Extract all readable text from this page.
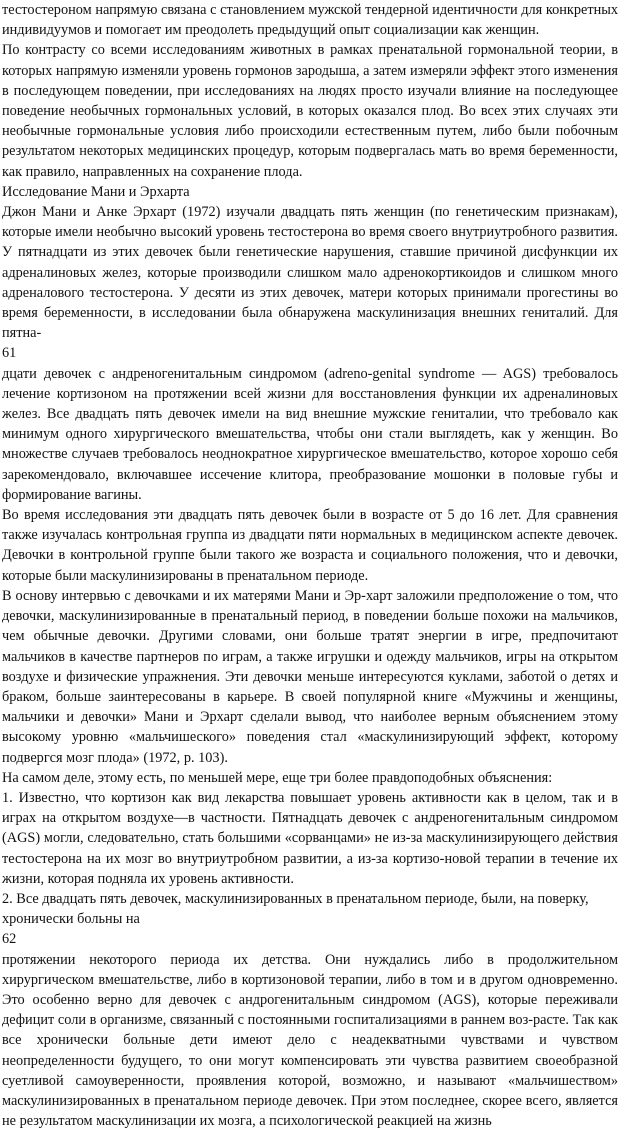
тестостероном напрямую связана с становлением мужской тендерной идентичности для конкретных индивидуумов и помогает им преодолеть предыдущий опыт социализации как женщин.

По контрасту со всеми исследованиям животных в рамках пренатальной гормональной теории, в которых напрямую изменяли уровень гормонов зародыша, а затем измеряли эффект этого изменения в последующем поведении, при исследованиях на людях просто изучали влияние на последующее поведение необычных гормональных условий, в которых оказался плод. Во всех этих случаях эти необычные гормональные условия либо происходили естественным путем, либо были побочным результатом некоторых медицинских процедур, которым подвергалась мать во время беременности, как правило, направленных на сохранение плода.

Исследование Мани и Эрхарта

Джон Мани и Анке Эрхарт (1972) изучали двадцать пять женщин (по генетическим признакам), которые имели необычно высокий уровень тестостерона во время своего внутриутробного развития. У пятнадцати из этих девочек были генетические нарушения, ставшие причиной дисфункции их адреналиновых желез, которые производили слишком мало адренокортикоидов и слишком много адреналового тестостерона. У десяти из этих девочек, матери которых принимали прогестины во время беременности, в исследовании была обнаружена маскулинизация внешних гениталий. Для пятна-

61

дцати девочек с андреногенитальным синдромом (adreno-genital syndrome — AGS) требовалось лечение кортизоном на протяжении всей жизни для восстановления функции их адреналиновых желез. Все двадцать пять девочек имели на вид внешние мужские гениталии, что требовало как минимум одного хирургического вмешательства, чтобы они стали выглядеть, как у женщин. Во множестве случаев требовалось неоднократное хирургическое вмешательство, которое хорошо себя зарекомендовало, включавшее иссечение клитора, преобразование мошонки в половые губы и формирование вагины.

Во время исследования эти двадцать пять девочек были в возрасте от 5 до 16 лет. Для сравнения также изучалась контрольная группа из двадцати пяти нормальных в медицинском аспекте девочек. Девочки в контрольной группе были такого же возраста и социального положения, что и девочки, которые были маскулинизированы в пренатальном периоде.

В основу интервью с девочками и их матерями Мани и Эр-харт заложили предположение о том, что девочки, маскулинизированные в пренатальный период, в поведении больше похожи на мальчиков, чем обычные девочки. Другими словами, они больше тратят энергии в игре, предпочитают мальчиков в качестве партнеров по играм, а также игрушки и одежду мальчиков, игры на открытом воздухе и физические упражнения. Эти девочки меньше интересуются куклами, заботой о детях и браком, больше заинтересованы в карьере. В своей популярной книге «Мужчины и женщины, мальчики и девочки» Мани и Эрхарт сделали вывод, что наиболее верным объяснением этому высокому уровню «мальчишеского» поведения стал «маскулинизирующий эффект, которому подвергся мозг плода» (1972, р. 103).

На самом деле, этому есть, по меньшей мере, еще три более правдоподобных объяснения:

1. Известно, что кортизон как вид лекарства повышает уровень активности как в целом, так и в играх на открытом воздухе—в частности. Пятнадцать девочек с андреногенитальным синдромом (AGS) могли, следовательно, стать большими «сорванцами» не из-за маскулинизирующего действия тестостерона на их мозг во внутриутробном развитии, а из-за кортизо-новой терапии в течение их жизни, которая подняла их уровень активности.

2. Все двадцать пять девочек, маскулинизированных в пренатальном периоде, были, на поверку, хронически больны на

62

протяжении некоторого периода их детства. Они нуждались либо в продолжительном хирургическом вмешательстве, либо в кортизоновой терапии, либо в том и в другом одновременно. Это особенно верно для девочек с андрогенитальным синдромом (AGS), которые переживали дефицит соли в организме, связанный с постоянными госпитализациями в раннем воз-расте. Так как все хронически больные дети имеют дело с неадекватными чувствами и чувством неопределенности будущего, то они могут компенсировать эти чувства развитием своеобразной суетливой самоуверенности, проявления которой, возможно, и называют «мальчишеством» маскулинизированных в пренатальном периоде девочек. При этом последнее, скорее всего, является не результатом маскулинизации их мозга, а психологической реакцией на жизнь
